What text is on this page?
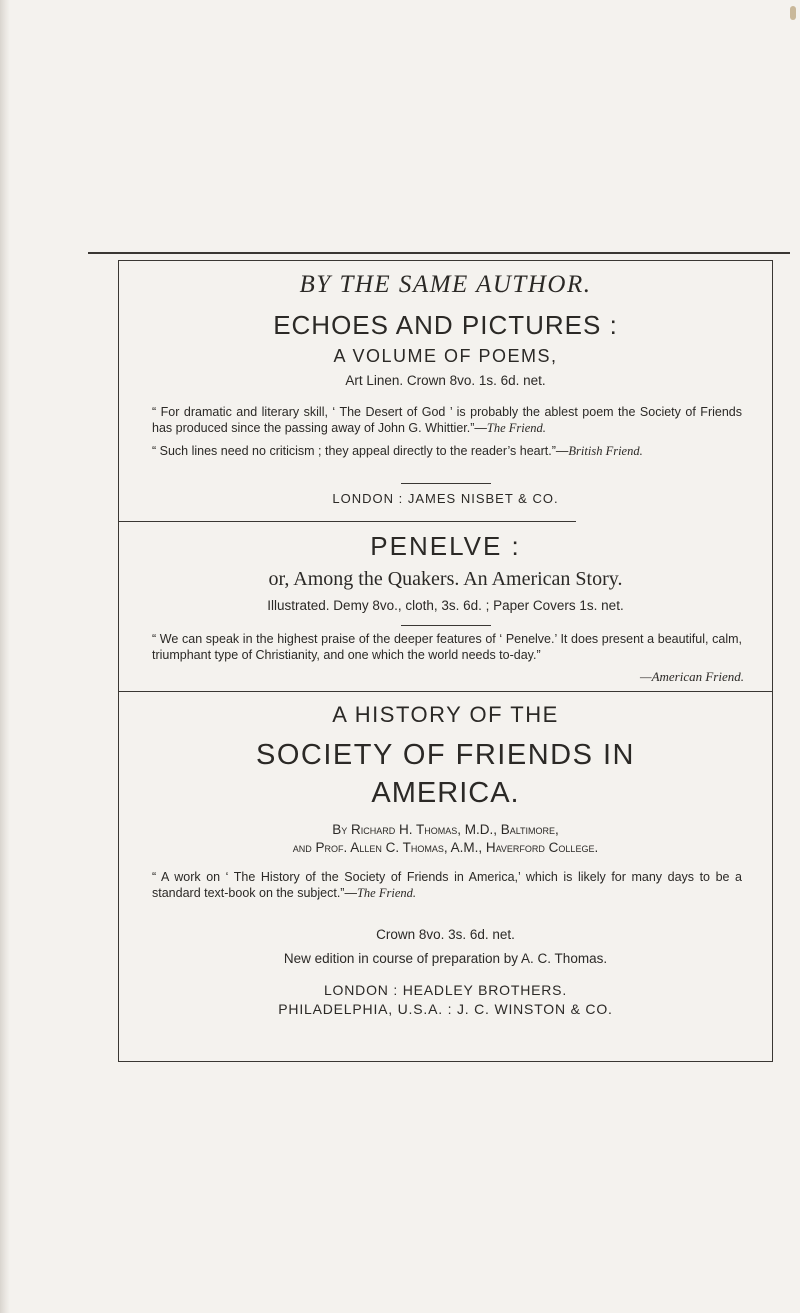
BY THE SAME AUTHOR.
ECHOES AND PICTURES :
A VOLUME OF POEMS,
Art Linen. Crown 8vo. 1s. 6d. net.
“ For dramatic and literary skill, ‘ The Desert of God ’ is probably the ablest poem the Society of Friends has produced since the passing away of John G. Whittier.”—The Friend.
“ Such lines need no criticism ; they appeal directly to the reader’s heart.”—British Friend.
LONDON : JAMES NISBET & CO.
PENELVE :
or, Among the Quakers. An American Story.
Illustrated. Demy 8vo., cloth, 3s. 6d. ; Paper Covers 1s. net.
“ We can speak in the highest praise of the deeper features of ‘ Penelve.’ It does present a beautiful, calm, triumphant type of Christianity, and one which the world needs to-day.”
—American Friend.
A HISTORY OF THE
SOCIETY OF FRIENDS IN
AMERICA.
By Richard H. Thomas, M.D., Baltimore,
and Prof. Allen C. Thomas, A.M., Haverford College.
“ A work on ‘ The History of the Society of Friends in America,’ which is likely for many days to be a standard text-book on the subject.”—The Friend.
Crown 8vo. 3s. 6d. net.
New edition in course of preparation by A. C. Thomas.
LONDON : HEADLEY BROTHERS.
PHILADELPHIA, U.S.A. : J. C. WINSTON & CO.
